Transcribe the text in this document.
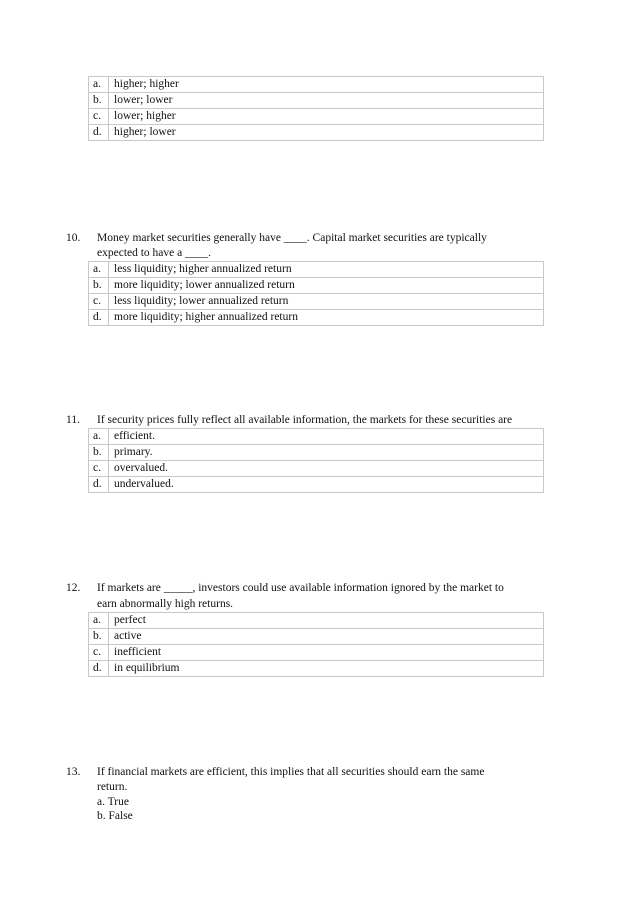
a.	higher; higher
b.	lower; lower
c.	lower; higher
d.	higher; lower
10. Money market securities generally have ____. Capital market securities are typically
expected to have a ____.
a.	less liquidity; higher annualized return
b.	more liquidity; lower annualized return
c.	less liquidity; lower annualized return
d.	more liquidity; higher annualized return
11. If security prices fully reflect all available information, the markets for these securities are
a.	efficient.
b.	primary.
c.	overvalued.
d.	undervalued.
12. If markets are _____, investors could use available information ignored by the market to
earn abnormally high returns.
a.	perfect
b.	active
c.	inefficient
d.	in equilibrium
13. If financial markets are efficient, this implies that all securities should earn the same
return.
a. True
b. False
